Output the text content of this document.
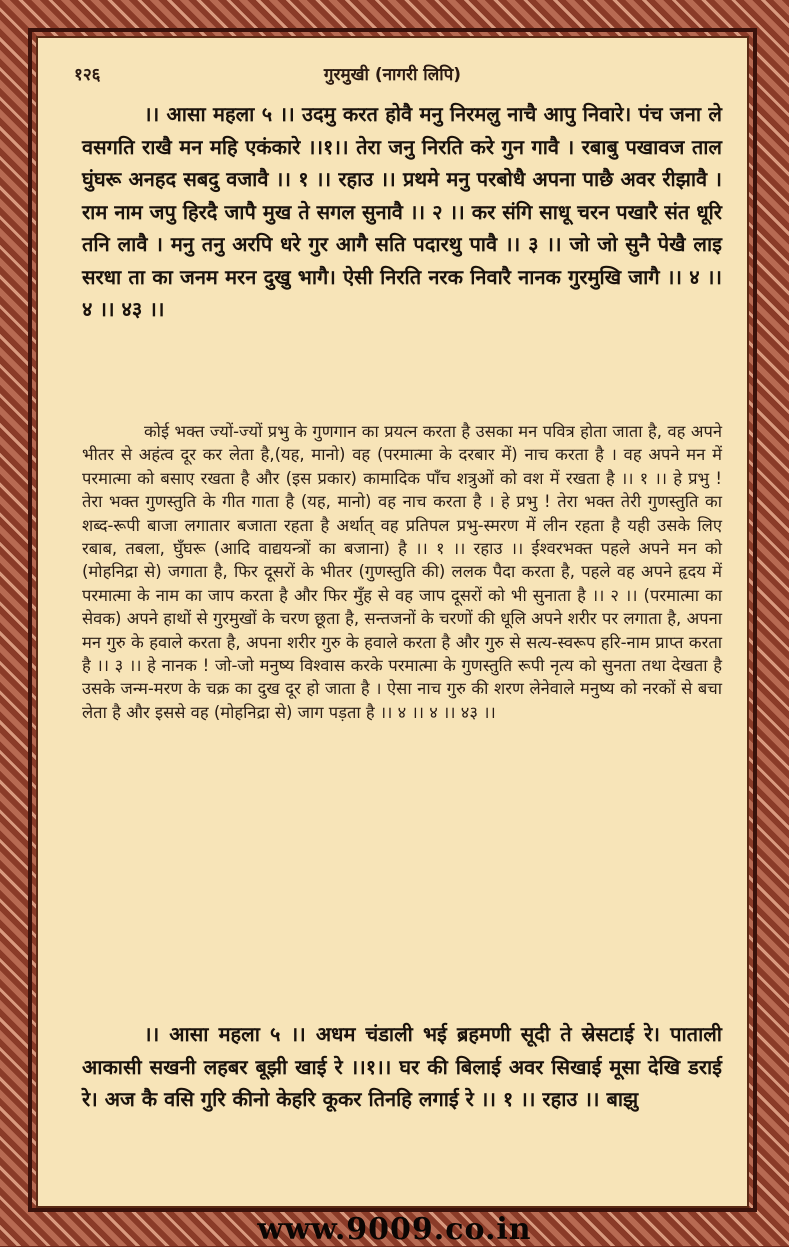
१२६	गुरमुखी (नागरी लिपि)

।। आसा महला ५ ।। उदमु करत होवै मनु निरमलु नाचै आपु निवारे। पंच जना ले वसगति राखै मन महि एकंकारे ।।१।। तेरा जनु निरति करे गुन गावै । रबाबु पखावज ताल घुंघरू अनहद सबदु वजावै ।। १ ।। रहाउ ।। प्रथमे मनु परबोधै अपना पाछै अवर रीझावै । राम नाम जपु हिरदै जापै मुख ते सगल सुनावै ।। २ ।। कर संगि साधू चरन पखारै संत धूरि तनि लावै । मनु तनु अरपि धरे गुर आगै सति पदारथु पावै ।। ३ ।। जो जो सुनै पेखै लाइ सरधा ता का जनम मरन दुखु भागै। ऐसी निरति नरक निवारै नानक गुरमुखि जागै ।। ४ ।। ४ ।। ४३ ।।

कोई भक्त ज्यों-ज्यों प्रभु के गुणगान का प्रयत्न करता है उसका मन पवित्र होता जाता है, वह अपने भीतर से अहंत्व दूर कर लेता है,(यह, मानो) वह (परमात्मा के दरबार में) नाच करता है । वह अपने मन में परमात्मा को बसाए रखता है और (इस प्रकार) कामादिक पाँच शत्रुओं को वश में रखता है ।। १ ।। हे प्रभु ! तेरा भक्त गुणस्तुति के गीत गाता है (यह, मानो) वह नाच करता है । हे प्रभु ! तेरा भक्त तेरी गुणस्तुति का शब्द-रूपी बाजा लगातार बजाता रहता है अर्थात् वह प्रतिपल प्रभु-स्मरण में लीन रहता है यही उसके लिए रबाब, तबला, घुँघरू (आदि वाद्ययन्त्रों का बजाना) है ।। १ ।। रहाउ ।। ईश्वरभक्त पहले अपने मन को (मोहनिद्रा से) जगाता है, फिर दूसरों के भीतर (गुणस्तुति की) ललक पैदा करता है, पहले वह अपने हृदय में परमात्मा के नाम का जाप करता है और फिर मुँह से वह जाप दूसरों को भी सुनाता है ।। २ ।। (परमात्मा का सेवक) अपने हाथों से गुरमुखों के चरण छूता है, सन्तजनों के चरणों की धूलि अपने शरीर पर लगाता है, अपना मन गुरु के हवाले करता है, अपना शरीर गुरु के हवाले करता है और गुरु से सत्य-स्वरूप हरि-नाम प्राप्त करता है ।। ३ ।। हे नानक ! जो-जो मनुष्य विश्वास करके परमात्मा के गुणस्तुति रूपी नृत्य को सुनता तथा देखता है उसके जन्म-मरण के चक्र का दुख दूर हो जाता है । ऐसा नाच गुरु की शरण लेनेवाले मनुष्य को नरकों से बचा लेता है और इससे वह (मोहनिद्रा से) जाग पड़ता है ।। ४ ।। ४ ।। ४३ ।।

।। आसा महला ५ ।। अधम चंडाली भई ब्रहमणी सूदी ते स्रेसटाई रे। पाताली आकासी सखनी लहबर बूझी खाई रे ।।१।। घर की बिलाई अवर सिखाई मूसा देखि डराई रे। अज कै वसि गुरि कीनो केहरि कूकर तिनहि लगाई रे ।। १ ।। रहाउ ।। बाझु

www.9009.co.in
